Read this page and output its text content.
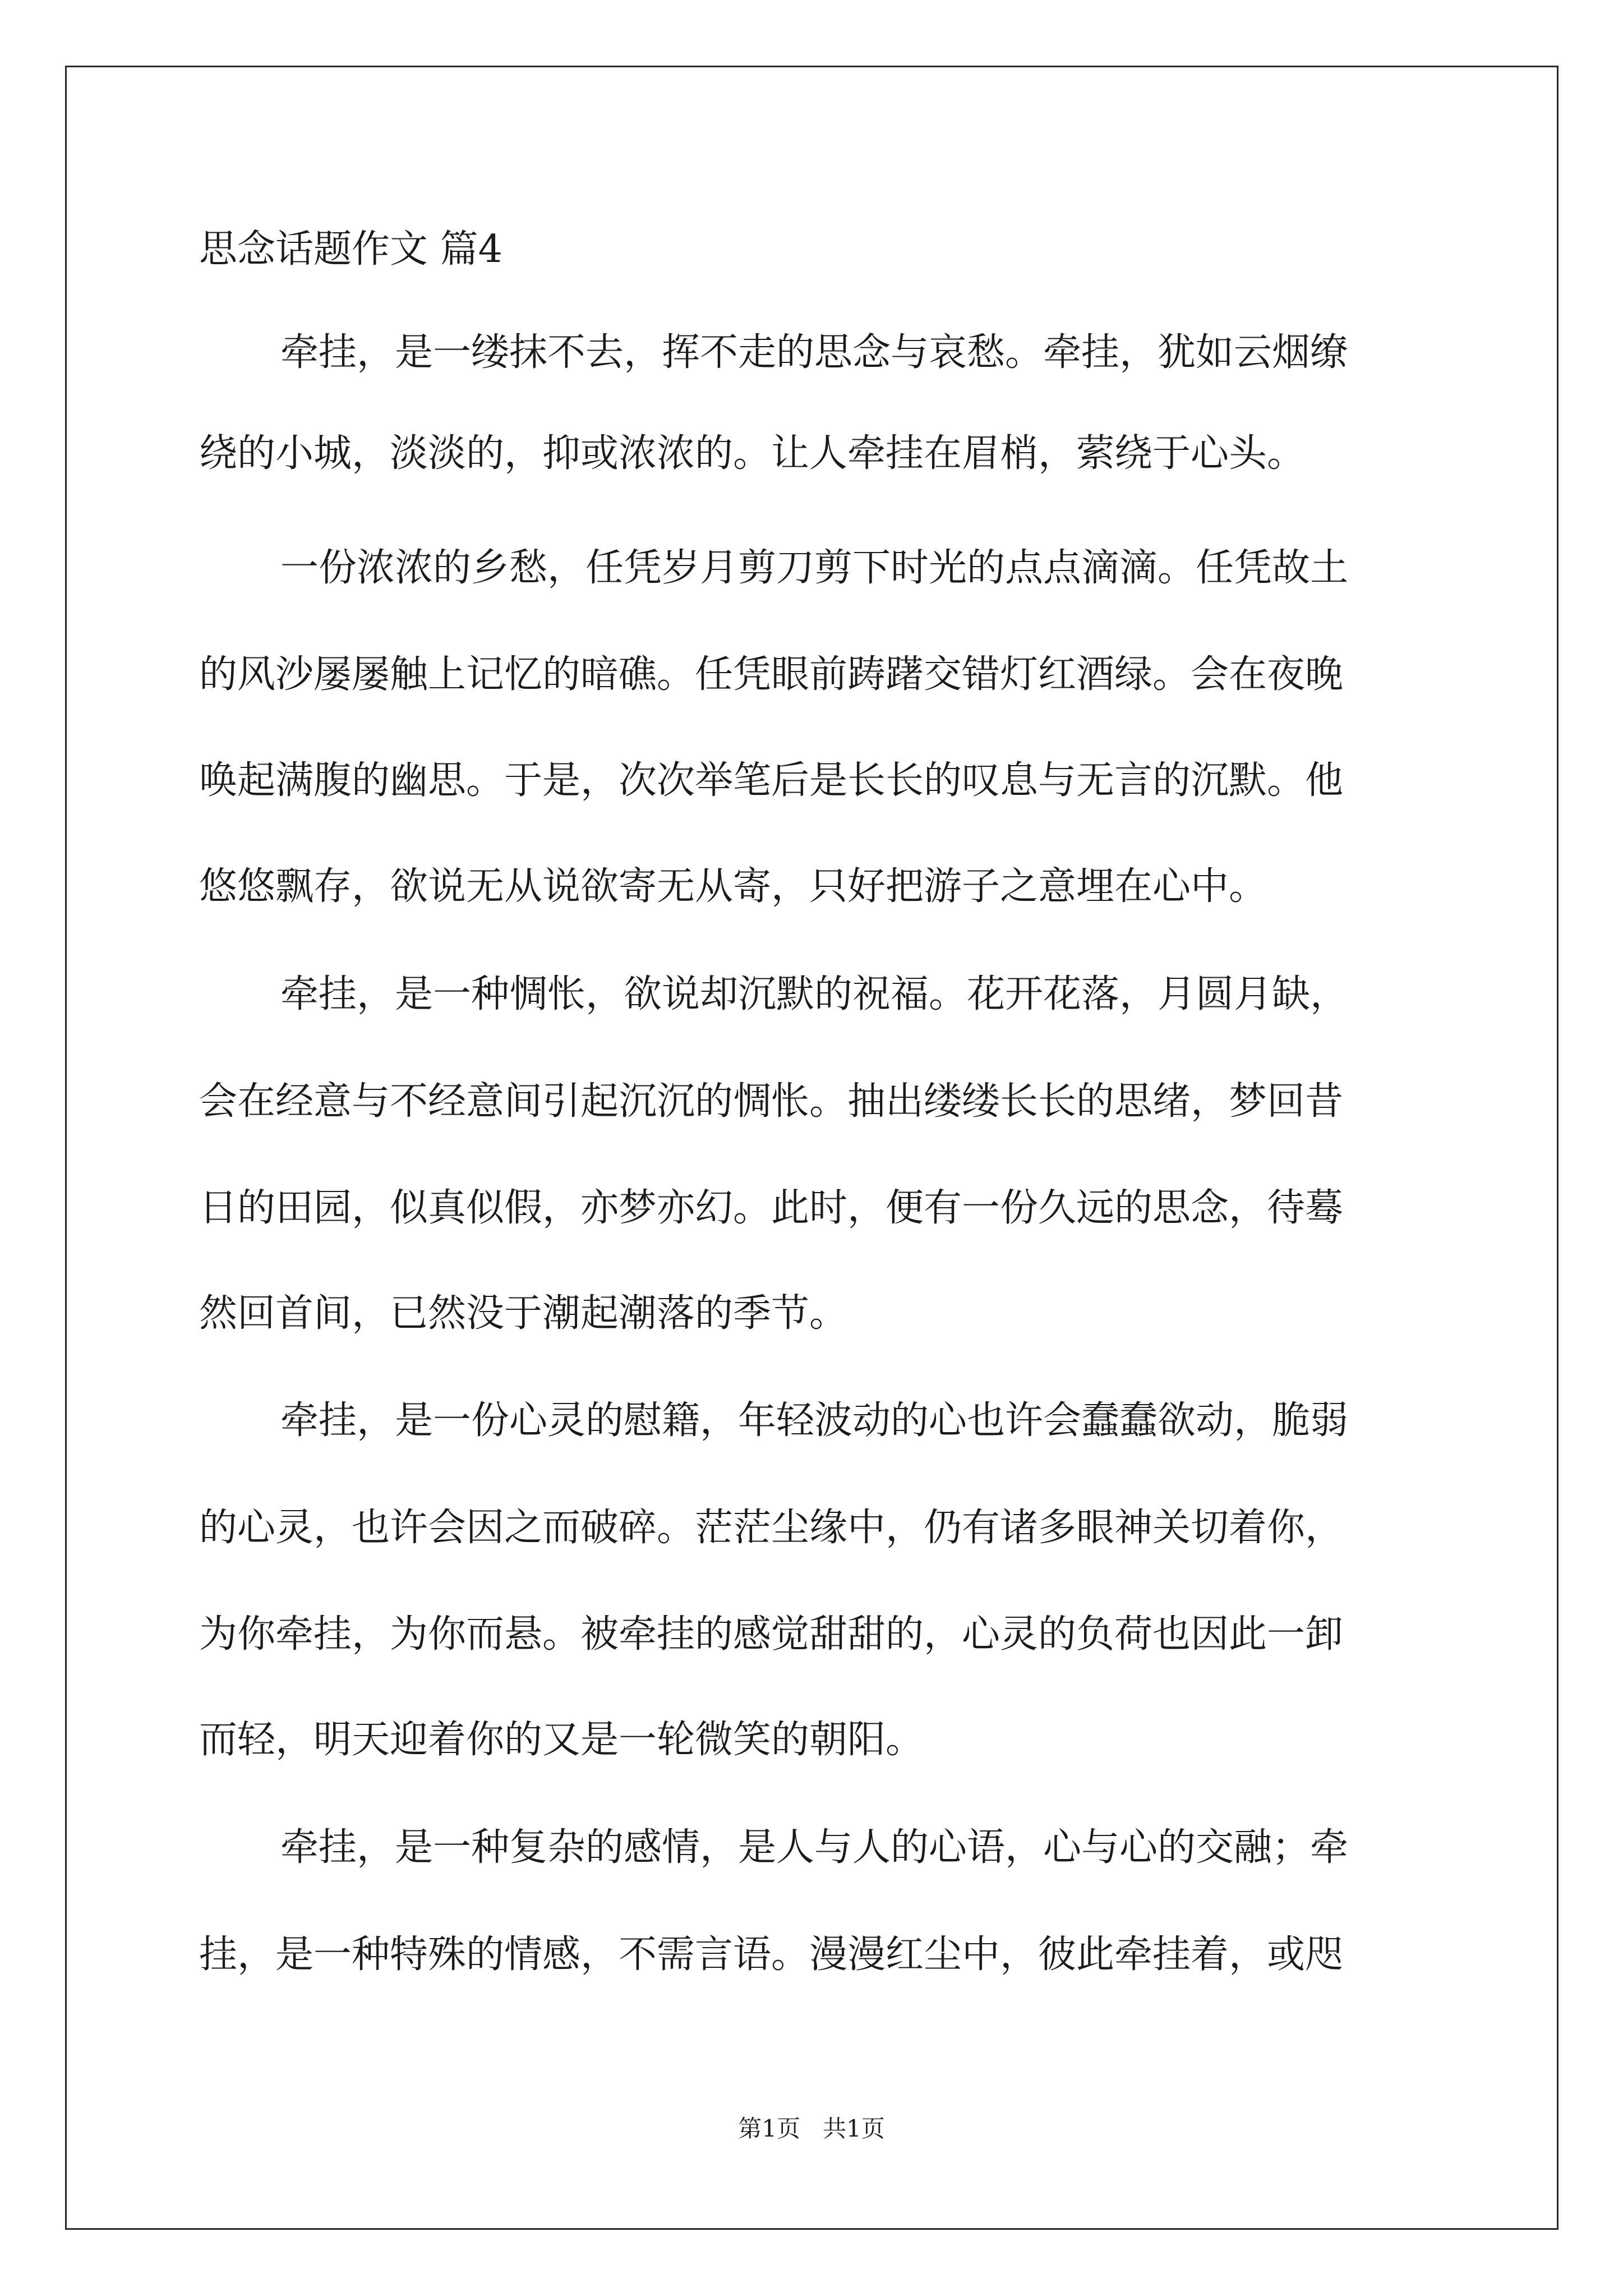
思念话题作文 篇4
牵挂，是一缕抹不去，挥不走的思念与哀愁。牵挂，犹如云烟缭
绕的小城，淡淡的，抑或浓浓的。让人牵挂在眉梢，萦绕于心头。
一份浓浓的乡愁，任凭岁月剪刀剪下时光的点点滴滴。任凭故土
的风沙屡屡触上记忆的暗礁。任凭眼前踌躇交错灯红酒绿。会在夜晚
唤起满腹的幽思。于是，次次举笔后是长长的叹息与无言的沉默。他
悠悠飘存，欲说无从说欲寄无从寄，只好把游子之意埋在心中。
牵挂，是一种惆怅，欲说却沉默的祝福。花开花落，月圆月缺，
会在经意与不经意间引起沉沉的惆怅。抽出缕缕长长的思绪，梦回昔
日的田园，似真似假，亦梦亦幻。此时，便有一份久远的思念，待蓦
然回首间，已然没于潮起潮落的季节。
牵挂，是一份心灵的慰籍，年轻波动的心也许会蠢蠢欲动，脆弱
的心灵，也许会因之而破碎。茫茫尘缘中，仍有诸多眼神关切着你，
为你牵挂，为你而悬。被牵挂的感觉甜甜的，心灵的负荷也因此一卸
而轻，明天迎着你的又是一轮微笑的朝阳。
牵挂，是一种复杂的感情，是人与人的心语，心与心的交融；牵
挂，是一种特殊的情感，不需言语。漫漫红尘中，彼此牵挂着，或咫
第1页   共1页
